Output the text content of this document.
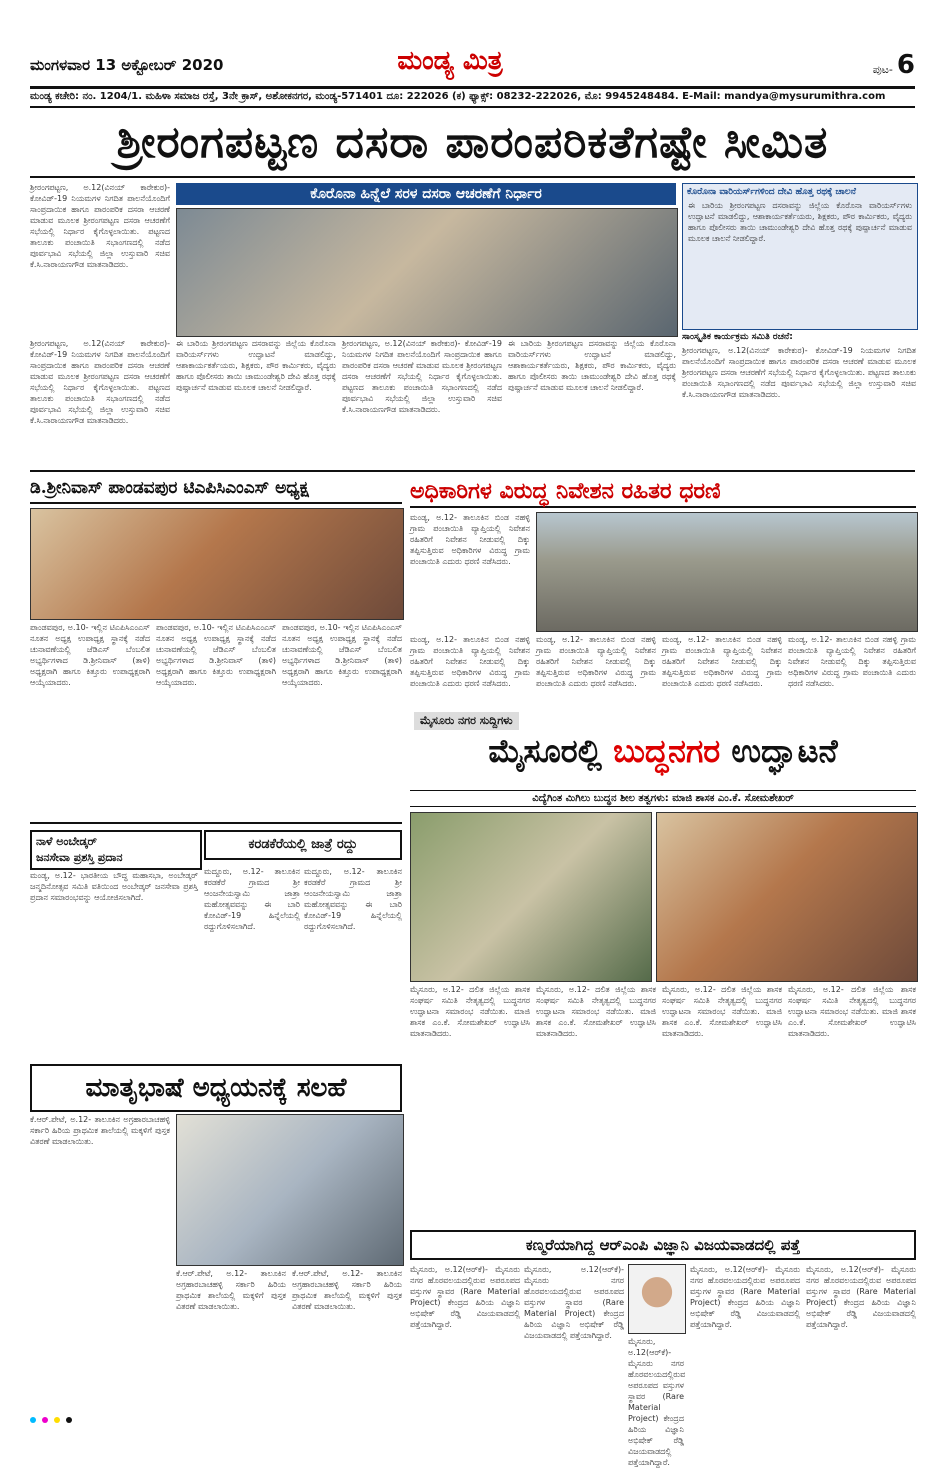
ಮಂಗಳವಾರ 13 ಅಕ್ಟೋಬರ್ 2020	ಮಂಡ್ಯ ಮಿತ್ರ	ಪುಟ- 6
ಮಂಡ್ಯ ಕಚೇರಿ: ನಂ. 1204/1. ಮಹಿಳಾ ಸಮಾಜ ರಸ್ತೆ, 3ನೇ ಕ್ರಾಸ್, ಅಶೋಕನಗರ, ಮಂಡ್ಯ-571401 ದೂ: 222026 (ಕ) ಫ್ಯಾಕ್ಸ್: 08232-222026, ಮೊ: 9945248484. E-Mail: mandya@mysurumithra.com
ಶ್ರೀರಂಗಪಟ್ಟಣ ದಸರಾ ಪಾರಂಪರಿಕತೆಗಷ್ಟೇ ಸೀಮಿತ

ಶ್ರೀರಂಗಪಟ್ಟಣ, ಅ.12(ವಿನಯ್ ಕಾರೇಕುರ)- ಕೋವಿಡ್-19 ನಿಯಮಗಳ ನಿಗದಿತ ಪಾಲನೆಯೊಂದಿಗೆ ಸಾಂಪ್ರದಾಯಿಕ ಹಾಗೂ ಪಾರಂಪರಿಕ ದಸರಾ ಆಚರಣೆ ಮಾಡುವ ಮೂಲಕ ಶ್ರೀರಂಗಪಟ್ಟಣ ದಸರಾ ಆಚರಣೆಗೆ ಸಭೆಯಲ್ಲಿ ನಿರ್ಧಾರ ಕೈಗೊಳ್ಳಲಾಯಿತು. ಪಟ್ಟಣದ ತಾಲೂಕು ಪಂಚಾಯಿತಿ ಸಭಾಂಗಣದಲ್ಲಿ ನಡೆದ ಪೂರ್ವಭಾವಿ ಸಭೆಯಲ್ಲಿ ಜಿಲ್ಲಾ ಉಸ್ತುವಾರಿ ಸಚಿವ ಕೆ.ಸಿ.ನಾರಾಯಣಗೌಡ ಮಾತನಾಡಿದರು.

ಕೊರೊನಾ ಹಿನ್ನೆಲೆ ಸರಳ ದಸರಾ ಆಚರಣೆಗೆ ನಿರ್ಧಾರ	ಕೊರೊನಾ ವಾರಿಯರ್ಸ್‌ಗಳಿಂದ ದೇವಿ ಹೊತ್ತ ರಥಕ್ಕೆ ಚಾಲನೆ
ಈ ಬಾರಿಯ ಶ್ರೀರಂಗಪಟ್ಟಣ ದಸರಾವನ್ನು ಜಿಲ್ಲೆಯ ಕೊರೊನಾ ವಾರಿಯರ್ಸ್‌ಗಳು ಉದ್ಘಾಟನೆ ಮಾಡಲಿದ್ದು, ಆಶಾಕಾರ್ಯಕರ್ತೆಯರು, ಶಿಕ್ಷಕರು, ಪೌರ ಕಾರ್ಮಿಕರು, ವೈದ್ಯರು ಹಾಗೂ ಪೊಲೀಸರು ತಾಯಿ ಚಾಮುಂಡೇಶ್ವರಿ ದೇವಿ ಹೊತ್ತ ರಥಕ್ಕೆ ಪುಷ್ಪಾರ್ಚನೆ ಮಾಡುವ ಮೂಲಕ ಚಾಲನೆ ನೀಡಲಿದ್ದಾರೆ.

ಶ್ರೀರಂಗಪಟ್ಟಣ, ಅ.12(ವಿನಯ್ ಕಾರೇಕುರ)- ಕೋವಿಡ್-19 ನಿಯಮಗಳ ನಿಗದಿತ ಪಾಲನೆಯೊಂದಿಗೆ ಸಾಂಪ್ರದಾಯಿಕ ಹಾಗೂ ಪಾರಂಪರಿಕ ದಸರಾ ಆಚರಣೆ ಮಾಡುವ ಮೂಲಕ ಶ್ರೀರಂಗಪಟ್ಟಣ ದಸರಾ ಆಚರಣೆಗೆ ಸಭೆಯಲ್ಲಿ ನಿರ್ಧಾರ ಕೈಗೊಳ್ಳಲಾಯಿತು. ಪಟ್ಟಣದ ತಾಲೂಕು ಪಂಚಾಯಿತಿ ಸಭಾಂಗಣದಲ್ಲಿ ನಡೆದ ಪೂರ್ವಭಾವಿ ಸಭೆಯಲ್ಲಿ ಜಿಲ್ಲಾ ಉಸ್ತುವಾರಿ ಸಚಿವ ಕೆ.ಸಿ.ನಾರಾಯಣಗೌಡ ಮಾತನಾಡಿದರು.

ಈ ಬಾರಿಯ ಶ್ರೀರಂಗಪಟ್ಟಣ ದಸರಾವನ್ನು ಜಿಲ್ಲೆಯ ಕೊರೊನಾ ವಾರಿಯರ್ಸ್‌ಗಳು ಉದ್ಘಾಟನೆ ಮಾಡಲಿದ್ದು, ಆಶಾಕಾರ್ಯಕರ್ತೆಯರು, ಶಿಕ್ಷಕರು, ಪೌರ ಕಾರ್ಮಿಕರು, ವೈದ್ಯರು ಹಾಗೂ ಪೊಲೀಸರು ತಾಯಿ ಚಾಮುಂಡೇಶ್ವರಿ ದೇವಿ ಹೊತ್ತ ರಥಕ್ಕೆ ಪುಷ್ಪಾರ್ಚನೆ ಮಾಡುವ ಮೂಲಕ ಚಾಲನೆ ನೀಡಲಿದ್ದಾರೆ.

ಶ್ರೀರಂಗಪಟ್ಟಣ, ಅ.12(ವಿನಯ್ ಕಾರೇಕುರ)- ಕೋವಿಡ್-19 ನಿಯಮಗಳ ನಿಗದಿತ ಪಾಲನೆಯೊಂದಿಗೆ ಸಾಂಪ್ರದಾಯಿಕ ಹಾಗೂ ಪಾರಂಪರಿಕ ದಸರಾ ಆಚರಣೆ ಮಾಡುವ ಮೂಲಕ ಶ್ರೀರಂಗಪಟ್ಟಣ ದಸರಾ ಆಚರಣೆಗೆ ಸಭೆಯಲ್ಲಿ ನಿರ್ಧಾರ ಕೈಗೊಳ್ಳಲಾಯಿತು. ಪಟ್ಟಣದ ತಾಲೂಕು ಪಂಚಾಯಿತಿ ಸಭಾಂಗಣದಲ್ಲಿ ನಡೆದ ಪೂರ್ವಭಾವಿ ಸಭೆಯಲ್ಲಿ ಜಿಲ್ಲಾ ಉಸ್ತುವಾರಿ ಸಚಿವ ಕೆ.ಸಿ.ನಾರಾಯಣಗೌಡ ಮಾತನಾಡಿದರು.

ಈ ಬಾರಿಯ ಶ್ರೀರಂಗಪಟ್ಟಣ ದಸರಾವನ್ನು ಜಿಲ್ಲೆಯ ಕೊರೊನಾ ವಾರಿಯರ್ಸ್‌ಗಳು ಉದ್ಘಾಟನೆ ಮಾಡಲಿದ್ದು, ಆಶಾಕಾರ್ಯಕರ್ತೆಯರು, ಶಿಕ್ಷಕರು, ಪೌರ ಕಾರ್ಮಿಕರು, ವೈದ್ಯರು ಹಾಗೂ ಪೊಲೀಸರು ತಾಯಿ ಚಾಮುಂಡೇಶ್ವರಿ ದೇವಿ ಹೊತ್ತ ರಥಕ್ಕೆ ಪುಷ್ಪಾರ್ಚನೆ ಮಾಡುವ ಮೂಲಕ ಚಾಲನೆ ನೀಡಲಿದ್ದಾರೆ.

ಸಾಂಸ್ಕೃತಿಕ ಕಾರ್ಯಕ್ರಮ ಸಮಿತಿ ರಚನೆ:

ಶ್ರೀರಂಗಪಟ್ಟಣ, ಅ.12(ವಿನಯ್ ಕಾರೇಕುರ)- ಕೋವಿಡ್-19 ನಿಯಮಗಳ ನಿಗದಿತ ಪಾಲನೆಯೊಂದಿಗೆ ಸಾಂಪ್ರದಾಯಿಕ ಹಾಗೂ ಪಾರಂಪರಿಕ ದಸರಾ ಆಚರಣೆ ಮಾಡುವ ಮೂಲಕ ಶ್ರೀರಂಗಪಟ್ಟಣ ದಸರಾ ಆಚರಣೆಗೆ ಸಭೆಯಲ್ಲಿ ನಿರ್ಧಾರ ಕೈಗೊಳ್ಳಲಾಯಿತು. ಪಟ್ಟಣದ ತಾಲೂಕು ಪಂಚಾಯಿತಿ ಸಭಾಂಗಣದಲ್ಲಿ ನಡೆದ ಪೂರ್ವಭಾವಿ ಸಭೆಯಲ್ಲಿ ಜಿಲ್ಲಾ ಉಸ್ತುವಾರಿ ಸಚಿವ ಕೆ.ಸಿ.ನಾರಾಯಣಗೌಡ ಮಾತನಾಡಿದರು.

ಡಿ.ಶ್ರೀನಿವಾಸ್ ಪಾಂಡವಪುರ ಟಿಎಪಿಸಿಎಂಎಸ್ ಅಧ್ಯಕ್ಷ

ಪಾಂಡವಪುರ, ಅ.10- ಇಲ್ಲಿನ ಟಿಎಪಿಸಿಎಂಎಸ್ ನೂತನ ಅಧ್ಯಕ್ಷ ಉಪಾಧ್ಯಕ್ಷ ಸ್ಥಾನಕ್ಕೆ ನಡೆದ ಚುನಾವಣೆಯಲ್ಲಿ ಜೆಡಿಎಸ್ ಬೆಂಬಲಿತ ಅಭ್ಯರ್ಥಿಗಳಾದ ಡಿ.ಶ್ರೀನಿವಾಸ್ (ತಾಳಿ) ಅಧ್ಯಕ್ಷರಾಗಿ ಹಾಗೂ ಕಿತ್ತೂರು ಉಪಾಧ್ಯಕ್ಷರಾಗಿ ಆಯ್ಕೆಯಾದರು.

ಪಾಂಡವಪುರ, ಅ.10- ಇಲ್ಲಿನ ಟಿಎಪಿಸಿಎಂಎಸ್ ನೂತನ ಅಧ್ಯಕ್ಷ ಉಪಾಧ್ಯಕ್ಷ ಸ್ಥಾನಕ್ಕೆ ನಡೆದ ಚುನಾವಣೆಯಲ್ಲಿ ಜೆಡಿಎಸ್ ಬೆಂಬಲಿತ ಅಭ್ಯರ್ಥಿಗಳಾದ ಡಿ.ಶ್ರೀನಿವಾಸ್ (ತಾಳಿ) ಅಧ್ಯಕ್ಷರಾಗಿ ಹಾಗೂ ಕಿತ್ತೂರು ಉಪಾಧ್ಯಕ್ಷರಾಗಿ ಆಯ್ಕೆಯಾದರು.

ಪಾಂಡವಪುರ, ಅ.10- ಇಲ್ಲಿನ ಟಿಎಪಿಸಿಎಂಎಸ್ ನೂತನ ಅಧ್ಯಕ್ಷ ಉಪಾಧ್ಯಕ್ಷ ಸ್ಥಾನಕ್ಕೆ ನಡೆದ ಚುನಾವಣೆಯಲ್ಲಿ ಜೆಡಿಎಸ್ ಬೆಂಬಲಿತ ಅಭ್ಯರ್ಥಿಗಳಾದ ಡಿ.ಶ್ರೀನಿವಾಸ್ (ತಾಳಿ) ಅಧ್ಯಕ್ಷರಾಗಿ ಹಾಗೂ ಕಿತ್ತೂರು ಉಪಾಧ್ಯಕ್ಷರಾಗಿ ಆಯ್ಕೆಯಾದರು.

ಅಧಿಕಾರಿಗಳ ವಿರುದ್ಧ ನಿವೇಶನ ರಹಿತರ ಧರಣಿ

ಮಂಡ್ಯ, ಅ.12- ತಾಲೂಕಿನ ಬಿಂಡ ನಹಳ್ಳಿ ಗ್ರಾಮ ಪಂಚಾಯಿತಿ ವ್ಯಾಪ್ತಿಯಲ್ಲಿ ನಿವೇಶನ ರಹಿತರಿಗೆ ನಿವೇಶನ ನೀಡುವಲ್ಲಿ ದಿಕ್ಕು ತಪ್ಪಿಸುತ್ತಿರುವ ಅಧಿಕಾರಿಗಳ ವಿರುದ್ಧ ಗ್ರಾಮ ಪಂಚಾಯಿತಿ ಎದುರು ಧರಣಿ ನಡೆಸಿದರು.

ಮಂಡ್ಯ, ಅ.12- ತಾಲೂಕಿನ ಬಿಂಡ ನಹಳ್ಳಿ ಗ್ರಾಮ ಪಂಚಾಯಿತಿ ವ್ಯಾಪ್ತಿಯಲ್ಲಿ ನಿವೇಶನ ರಹಿತರಿಗೆ ನಿವೇಶನ ನೀಡುವಲ್ಲಿ ದಿಕ್ಕು ತಪ್ಪಿಸುತ್ತಿರುವ ಅಧಿಕಾರಿಗಳ ವಿರುದ್ಧ ಗ್ರಾಮ ಪಂಚಾಯಿತಿ ಎದುರು ಧರಣಿ ನಡೆಸಿದರು.

ಮಂಡ್ಯ, ಅ.12- ತಾಲೂಕಿನ ಬಿಂಡ ನಹಳ್ಳಿ ಗ್ರಾಮ ಪಂಚಾಯಿತಿ ವ್ಯಾಪ್ತಿಯಲ್ಲಿ ನಿವೇಶನ ರಹಿತರಿಗೆ ನಿವೇಶನ ನೀಡುವಲ್ಲಿ ದಿಕ್ಕು ತಪ್ಪಿಸುತ್ತಿರುವ ಅಧಿಕಾರಿಗಳ ವಿರುದ್ಧ ಗ್ರಾಮ ಪಂಚಾಯಿತಿ ಎದುರು ಧರಣಿ ನಡೆಸಿದರು.

ಮಂಡ್ಯ, ಅ.12- ತಾಲೂಕಿನ ಬಿಂಡ ನಹಳ್ಳಿ ಗ್ರಾಮ ಪಂಚಾಯಿತಿ ವ್ಯಾಪ್ತಿಯಲ್ಲಿ ನಿವೇಶನ ರಹಿತರಿಗೆ ನಿವೇಶನ ನೀಡುವಲ್ಲಿ ದಿಕ್ಕು ತಪ್ಪಿಸುತ್ತಿರುವ ಅಧಿಕಾರಿಗಳ ವಿರುದ್ಧ ಗ್ರಾಮ ಪಂಚಾಯಿತಿ ಎದುರು ಧರಣಿ ನಡೆಸಿದರು.

ಮಂಡ್ಯ, ಅ.12- ತಾಲೂಕಿನ ಬಿಂಡ ನಹಳ್ಳಿ ಗ್ರಾಮ ಪಂಚಾಯಿತಿ ವ್ಯಾಪ್ತಿಯಲ್ಲಿ ನಿವೇಶನ ರಹಿತರಿಗೆ ನಿವೇಶನ ನೀಡುವಲ್ಲಿ ದಿಕ್ಕು ತಪ್ಪಿಸುತ್ತಿರುವ ಅಧಿಕಾರಿಗಳ ವಿರುದ್ಧ ಗ್ರಾಮ ಪಂಚಾಯಿತಿ ಎದುರು ಧರಣಿ ನಡೆಸಿದರು.

ಮೈಸೂರು ನಗರ ಸುದ್ದಿಗಳು
ಮೈಸೂರಲ್ಲಿ ಬುದ್ಧನಗರ ಉದ್ಘಾಟನೆ
ವಿದ್ಯೆಗಿಂತ ಮಿಗಿಲು ಬುದ್ಧನ ಶೀಲ ತತ್ವಗಳು: ಮಾಜಿ ಶಾಸಕ ಎಂ.ಕೆ. ಸೋಮಶೇಖರ್

ಮೈಸೂರು, ಅ.12- ದಲಿತ ಜಿಲ್ಲೆಯ ಶಾಸಕ ಸಂಘರ್ಷ ಸಮಿತಿ ನೇತೃತ್ವದಲ್ಲಿ ಬುದ್ಧನಗರ ಉದ್ಘಾಟನಾ ಸಮಾರಂಭ ನಡೆಯಿತು. ಮಾಜಿ ಶಾಸಕ ಎಂ.ಕೆ. ಸೋಮಶೇಖರ್ ಉದ್ಘಾಟಿಸಿ ಮಾತನಾಡಿದರು.

ಮೈಸೂರು, ಅ.12- ದಲಿತ ಜಿಲ್ಲೆಯ ಶಾಸಕ ಸಂಘರ್ಷ ಸಮಿತಿ ನೇತೃತ್ವದಲ್ಲಿ ಬುದ್ಧನಗರ ಉದ್ಘಾಟನಾ ಸಮಾರಂಭ ನಡೆಯಿತು. ಮಾಜಿ ಶಾಸಕ ಎಂ.ಕೆ. ಸೋಮಶೇಖರ್ ಉದ್ಘಾಟಿಸಿ ಮಾತನಾಡಿದರು.

ಮೈಸೂರು, ಅ.12- ದಲಿತ ಜಿಲ್ಲೆಯ ಶಾಸಕ ಸಂಘರ್ಷ ಸಮಿತಿ ನೇತೃತ್ವದಲ್ಲಿ ಬುದ್ಧನಗರ ಉದ್ಘಾಟನಾ ಸಮಾರಂಭ ನಡೆಯಿತು. ಮಾಜಿ ಶಾಸಕ ಎಂ.ಕೆ. ಸೋಮಶೇಖರ್ ಉದ್ಘಾಟಿಸಿ ಮಾತನಾಡಿದರು.

ಮೈಸೂರು, ಅ.12- ದಲಿತ ಜಿಲ್ಲೆಯ ಶಾಸಕ ಸಂಘರ್ಷ ಸಮಿತಿ ನೇತೃತ್ವದಲ್ಲಿ ಬುದ್ಧನಗರ ಉದ್ಘಾಟನಾ ಸಮಾರಂಭ ನಡೆಯಿತು. ಮಾಜಿ ಶಾಸಕ ಎಂ.ಕೆ. ಸೋಮಶೇಖರ್ ಉದ್ಘಾಟಿಸಿ ಮಾತನಾಡಿದರು.

ನಾಳೆ ಅಂಬೇಡ್ಕರ್
ಜನಸೇವಾ ಪ್ರಶಸ್ತಿ ಪ್ರದಾನ

ಮಂಡ್ಯ, ಅ.12- ಭಾರತೀಯ ಬೌದ್ಧ ಮಹಾಸಭಾ, ಅಂಬೇಡ್ಕರ್ ಜನ್ಮದಿನೋತ್ಸವ ಸಮಿತಿ ವತಿಯಿಂದ ಅಂಬೇಡ್ಕರ್ ಜನಸೇವಾ ಪ್ರಶಸ್ತಿ ಪ್ರದಾನ ಸಮಾರಂಭವನ್ನು ಆಯೋಜಿಸಲಾಗಿದೆ.

ಕರಡಕೆರೆಯಲ್ಲಿ ಜಾತ್ರೆ ರದ್ದು

ಮದ್ದೂರು, ಅ.12- ತಾಲೂಕಿನ ಕರಡಕೆರೆ ಗ್ರಾಮದ ಶ್ರೀ ಆಂಜನೇಯಸ್ವಾಮಿ ಜಾತ್ರಾ ಮಹೋತ್ಸವವನ್ನು ಈ ಬಾರಿ ಕೋವಿಡ್-19 ಹಿನ್ನೆಲೆಯಲ್ಲಿ ರದ್ದುಗೊಳಿಸಲಾಗಿದೆ.

ಮದ್ದೂರು, ಅ.12- ತಾಲೂಕಿನ ಕರಡಕೆರೆ ಗ್ರಾಮದ ಶ್ರೀ ಆಂಜನೇಯಸ್ವಾಮಿ ಜಾತ್ರಾ ಮಹೋತ್ಸವವನ್ನು ಈ ಬಾರಿ ಕೋವಿಡ್-19 ಹಿನ್ನೆಲೆಯಲ್ಲಿ ರದ್ದುಗೊಳಿಸಲಾಗಿದೆ.

ಮಾತೃಭಾಷೆ ಅಧ್ಯಯನಕ್ಕೆ ಸಲಹೆ

ಕೆ.ಆರ್.ಪೇಟೆ, ಅ.12- ತಾಲೂಕಿನ ಅಗ್ರಹಾರಬಾಚಹಳ್ಳಿ ಸರ್ಕಾರಿ ಹಿರಿಯ ಪ್ರಾಥಮಿಕ ಶಾಲೆಯಲ್ಲಿ ಮಕ್ಕಳಿಗೆ ಪುಸ್ತಕ ವಿತರಣೆ ಮಾಡಲಾಯಿತು.

ಕೆ.ಆರ್.ಪೇಟೆ, ಅ.12- ತಾಲೂಕಿನ ಅಗ್ರಹಾರಬಾಚಹಳ್ಳಿ ಸರ್ಕಾರಿ ಹಿರಿಯ ಪ್ರಾಥಮಿಕ ಶಾಲೆಯಲ್ಲಿ ಮಕ್ಕಳಿಗೆ ಪುಸ್ತಕ ವಿತರಣೆ ಮಾಡಲಾಯಿತು.

ಕೆ.ಆರ್.ಪೇಟೆ, ಅ.12- ತಾಲೂಕಿನ ಅಗ್ರಹಾರಬಾಚಹಳ್ಳಿ ಸರ್ಕಾರಿ ಹಿರಿಯ ಪ್ರಾಥಮಿಕ ಶಾಲೆಯಲ್ಲಿ ಮಕ್ಕಳಿಗೆ ಪುಸ್ತಕ ವಿತರಣೆ ಮಾಡಲಾಯಿತು.

ಕಣ್ಮರೆಯಾಗಿದ್ದ ಆರ್‌ಎಂಪಿ ವಿಜ್ಞಾನಿ ವಿಜಯವಾಡದಲ್ಲಿ ಪತ್ತೆ

ಮೈಸೂರು, ಅ.12(ಆರ್‌ಕೆ)- ಮೈಸೂರು ನಗರ ಹೊರವಲಯದಲ್ಲಿರುವ ಅಪರೂಪದ ವಸ್ತುಗಳ ಸ್ಥಾವರ (Rare Material Project) ಕೇಂದ್ರದ ಹಿರಿಯ ವಿಜ್ಞಾನಿ ಅಭಿಷೇಕ್ ರೆಡ್ಡಿ ವಿಜಯವಾಡದಲ್ಲಿ ಪತ್ತೆಯಾಗಿದ್ದಾರೆ.

ಮೈಸೂರು, ಅ.12(ಆರ್‌ಕೆ)- ಮೈಸೂರು ನಗರ ಹೊರವಲಯದಲ್ಲಿರುವ ಅಪರೂಪದ ವಸ್ತುಗಳ ಸ್ಥಾವರ (Rare Material Project) ಕೇಂದ್ರದ ಹಿರಿಯ ವಿಜ್ಞಾನಿ ಅಭಿಷೇಕ್ ರೆಡ್ಡಿ ವಿಜಯವಾಡದಲ್ಲಿ ಪತ್ತೆಯಾಗಿದ್ದಾರೆ.

ಮೈಸೂರು, ಅ.12(ಆರ್‌ಕೆ)- ಮೈಸೂರು ನಗರ ಹೊರವಲಯದಲ್ಲಿರುವ ಅಪರೂಪದ ವಸ್ತುಗಳ ಸ್ಥಾವರ (Rare Material Project) ಕೇಂದ್ರದ ಹಿರಿಯ ವಿಜ್ಞಾನಿ ಅಭಿಷೇಕ್ ರೆಡ್ಡಿ ವಿಜಯವಾಡದಲ್ಲಿ ಪತ್ತೆಯಾಗಿದ್ದಾರೆ.

ಮೈಸೂರು, ಅ.12(ಆರ್‌ಕೆ)- ಮೈಸೂರು ನಗರ ಹೊರವಲಯದಲ್ಲಿರುವ ಅಪರೂಪದ ವಸ್ತುಗಳ ಸ್ಥಾವರ (Rare Material Project) ಕೇಂದ್ರದ ಹಿರಿಯ ವಿಜ್ಞಾನಿ ಅಭಿಷೇಕ್ ರೆಡ್ಡಿ ವಿಜಯವಾಡದಲ್ಲಿ ಪತ್ತೆಯಾಗಿದ್ದಾರೆ.

ಮೈಸೂರು, ಅ.12(ಆರ್‌ಕೆ)- ಮೈಸೂರು ನಗರ ಹೊರವಲಯದಲ್ಲಿರುವ ಅಪರೂಪದ ವಸ್ತುಗಳ ಸ್ಥಾವರ (Rare Material Project) ಕೇಂದ್ರದ ಹಿರಿಯ ವಿಜ್ಞಾನಿ ಅಭಿಷೇಕ್ ರೆಡ್ಡಿ ವಿಜಯವಾಡದಲ್ಲಿ ಪತ್ತೆಯಾಗಿದ್ದಾರೆ.
